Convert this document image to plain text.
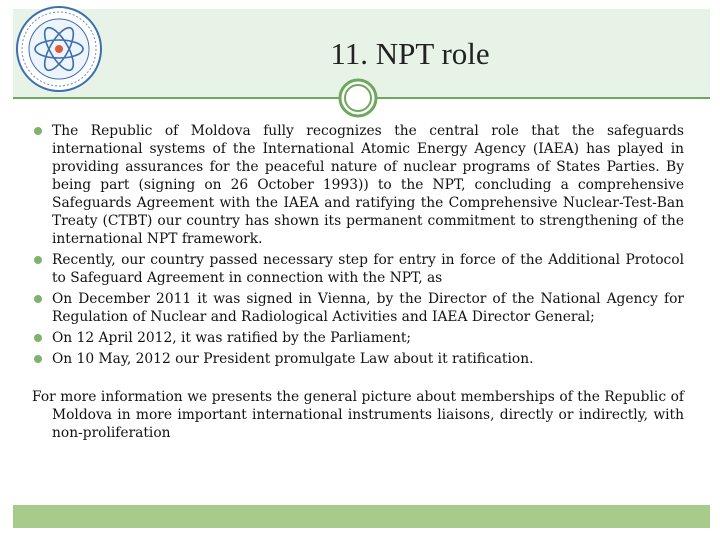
11. NPT role
The Republic of Moldova fully recognizes the central role that the safeguards international systems of the International Atomic Energy Agency (IAEA) has played in providing assurances for the peaceful nature of nuclear programs of States Parties. By being part (signing on 26 October 1993)) to the NPT, concluding a comprehensive Safeguards Agreement with the IAEA and ratifying the Comprehensive Nuclear-Test-Ban Treaty (CTBT) our country has shown its permanent commitment to strengthening of the international NPT framework.
Recently, our country passed necessary step for entry in force of the Additional Protocol to Safeguard Agreement in connection with the NPT, as
On December 2011 it was signed in Vienna, by the Director of the National Agency for Regulation of Nuclear and Radiological Activities and IAEA Director General;
On 12 April 2012, it was ratified by the Parliament;
On 10 May, 2012 our President promulgate Law about it ratification.

For more information we presents the general picture about memberships of the Republic of Moldova in more important international instruments liaisons, directly or indirectly, with non-proliferation
